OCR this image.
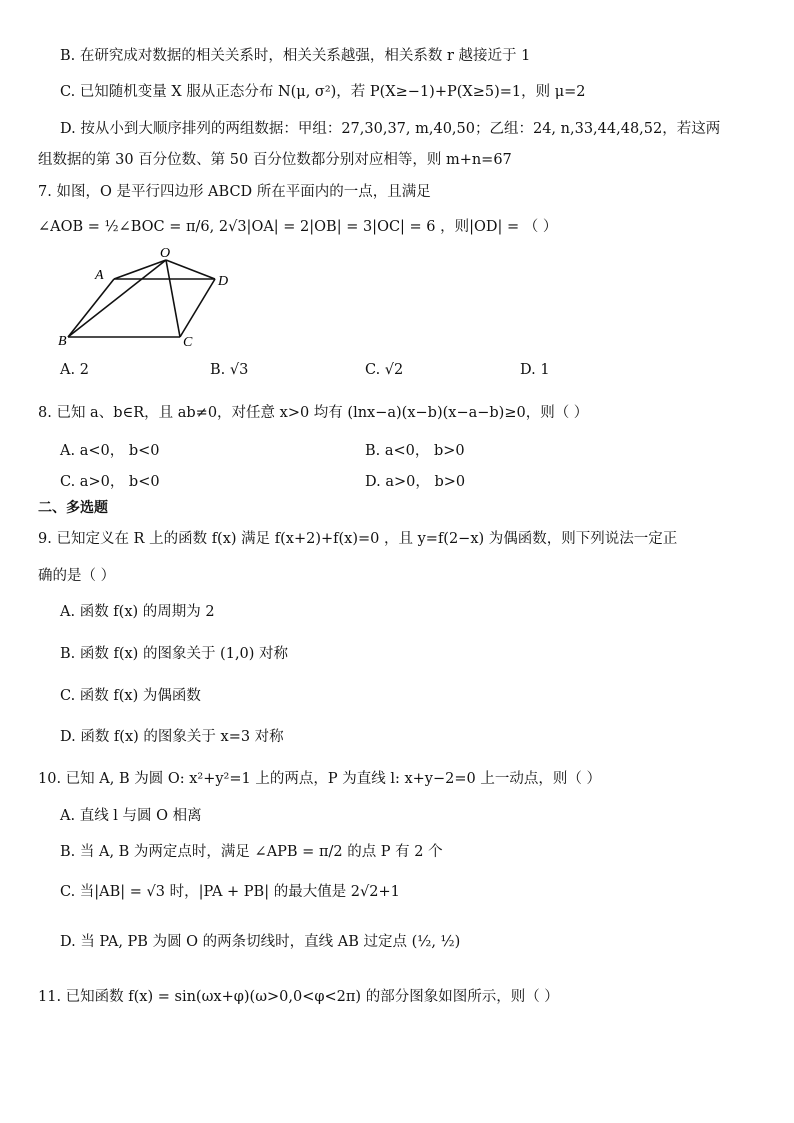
B. 在研究成对数据的相关关系时，相关关系越强，相关系数 r 越接近于 1
C. 已知随机变量 X 服从正态分布 N(μ, σ²)，若 P(X≥−1)+P(X≥5)=1，则 μ=2
D. 按从小到大顺序排列的两组数据：甲组：27,30,37, m,40,50；乙组：24, n,33,44,48,52，若这两
组数据的第 30 百分位数、第 50 百分位数都分别对应相等，则 m+n=67
7. 如图，O 是平行四边形 ABCD 所在平面内的一点，且满足
∠AOB = ½∠BOC = π/6, 2√3|OA| = 2|OB| = 3|OC| = 6 ，则|OD| = （ ）
O
A	D
B	C
A. 2	B. √3	C. √2	D. 1
8. 已知 a、b∈R，且 ab≠0，对任意 x>0 均有 (lnx−a)(x−b)(x−a−b)≥0，则（ ）
A. a<0， b<0	B. a<0， b>0
C. a>0， b<0	D. a>0， b>0
二、多选题
9. 已知定义在 R 上的函数 f(x) 满足 f(x+2)+f(x)=0 ，且 y=f(2−x) 为偶函数，则下列说法一定正
确的是（ ）
A. 函数 f(x) 的周期为 2
B. 函数 f(x) 的图象关于 (1,0) 对称
C. 函数 f(x) 为偶函数
D. 函数 f(x) 的图象关于 x=3 对称
10. 已知 A, B 为圆 O: x²+y²=1 上的两点，P 为直线 l: x+y−2=0 上一动点，则（ ）
A. 直线 l 与圆 O 相离
B. 当 A, B 为两定点时，满足 ∠APB = π/2 的点 P 有 2 个
C. 当|AB| = √3 时，|PA + PB| 的最大值是 2√2+1
D. 当 PA, PB 为圆 O 的两条切线时，直线 AB 过定点 (½, ½)
11. 已知函数 f(x) = sin(ωx+φ)(ω>0,0<φ<2π) 的部分图象如图所示，则（ ）
